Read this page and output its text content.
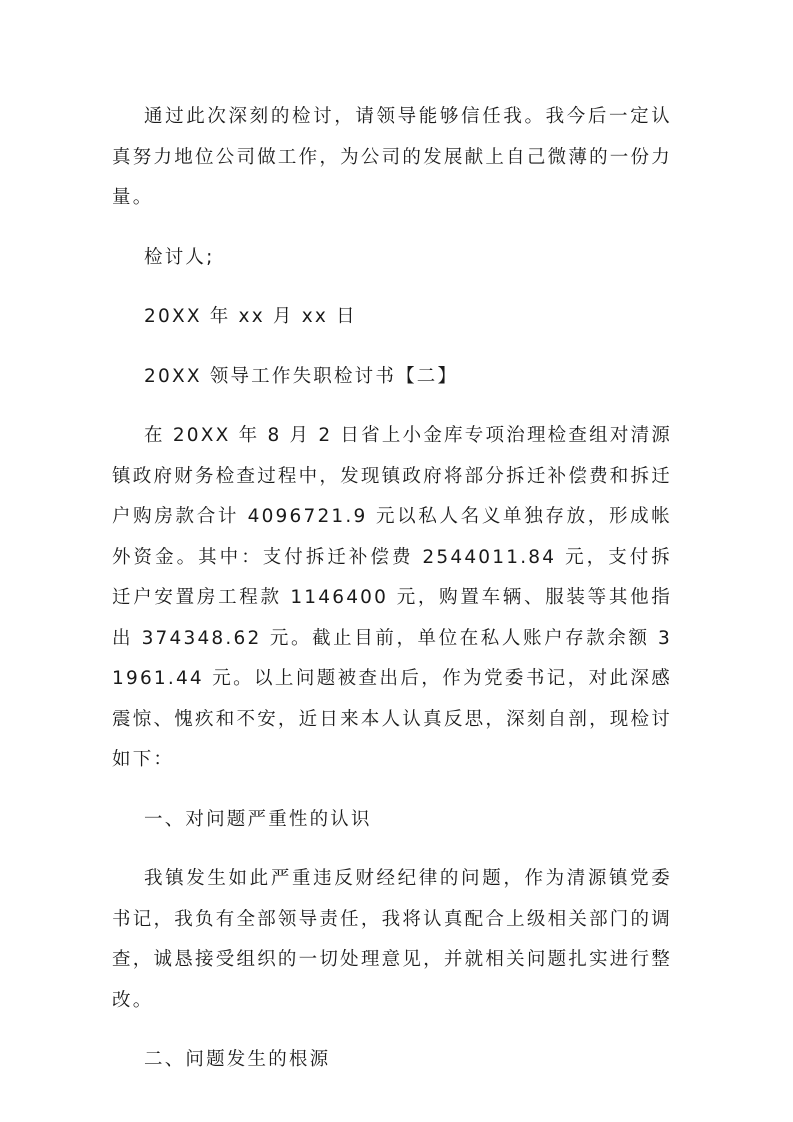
通过此次深刻的检讨，请领导能够信任我。我今后一定认真努力地位公司做工作，为公司的发展献上自己微薄的一份力量。

检讨人;

20XX 年 xx 月 xx 日

20XX 领导工作失职检讨书【二】

在 20XX 年 8 月 2 日省上小金库专项治理检查组对清源镇政府财务检查过程中，发现镇政府将部分拆迁补偿费和拆迁户购房款合计 4096721.9 元以私人名义单独存放，形成帐外资金。其中：支付拆迁补偿费 2544011.84 元，支付拆迁户安置房工程款 1146400 元，购置车辆、服装等其他指出 374348.62 元。截止目前，单位在私人账户存款余额 31961.44 元。以上问题被查出后，作为党委书记，对此深感震惊、愧疚和不安，近日来本人认真反思，深刻自剖，现检讨如下：

一、对问题严重性的认识

我镇发生如此严重违反财经纪律的问题，作为清源镇党委书记，我负有全部领导责任，我将认真配合上级相关部门的调查，诚恳接受组织的一切处理意见，并就相关问题扎实进行整改。

二、问题发生的根源
